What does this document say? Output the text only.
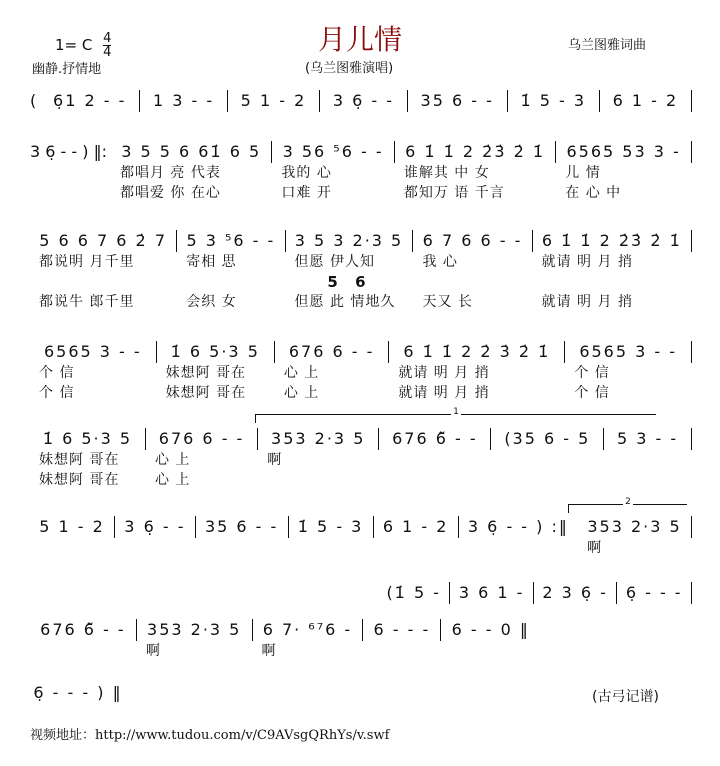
月儿情
1= C $\frac{4}{4}$
幽静.抒情地	(乌兰图雅演唱)
乌兰图雅词曲
1
2
(古弓记谱)
视频地址：http://www.tudou.com/v/C9AVsgQRhYs/v.swf
(	6̣1 2 - -	1 3 - -	5 1 - 2	3 6̣ - -	35 6 - -	1̇ 5 - 3	6 1 - 2
3 6̣ - - ) ‖: 3 5 5 6 61̇ 6 5
都唱月 亮 代表
都唱爱 你 在心
3 56 ⁵6 - -
我的 心
口难 开
6 1̇ 1̇ 2 2̇3̇ 2̇ 1̇
谁解其 中 女
都知万 语 千言
6565 53 3 -
儿 情
在 心 中
5 6 6 7 6 2̇ 7
都说明 月千里
都说牛 郎千里
5 3 ⁵6 - -
寄相 思
会织 女
3 5 3 2·3 5
但愿 伊人知
5 6
但愿 此 情地久
6 7 6 6 - -
我 心
天又 长
6 1̇ 1̇ 2 2̇3̇ 2̇ 1̇
就请 明 月 捎
就请 明 月 捎
6565 3 - -
个 信
个 信
1̇ 6 5·3 5
妹想阿 哥在
妹想阿 哥在
676 6 - -
心 上
心 上
6 1̇ 1̇ 2 2̇ 3̇ 2̇ 1̇
就请 明 月 捎
就请 明 月 捎
6565 3 - -
个 信
个 信
1̇ 6 5·3 5
妹想阿 哥在
妹想阿 哥在
676 6 - -
心 上
心 上
353 2·3 5
啊
676 6̃ - -	(35 6 - 5	5 3 - -
5 1 - 2	3 6̣ - -	35 6 - -	1̇ 5 - 3	6 1 - 2	3 6̣ - - ) :‖	353 2·3 5
啊
(1̇ 5 -	3 6 1 -	2 3 6̣ -	6̣ - - -
676 6̃ - -	353 2·3 5
啊
6 7· ⁶⁷6 -
啊
6 - - -	6 - - 0 ‖
6̣ - - - ) ‖
